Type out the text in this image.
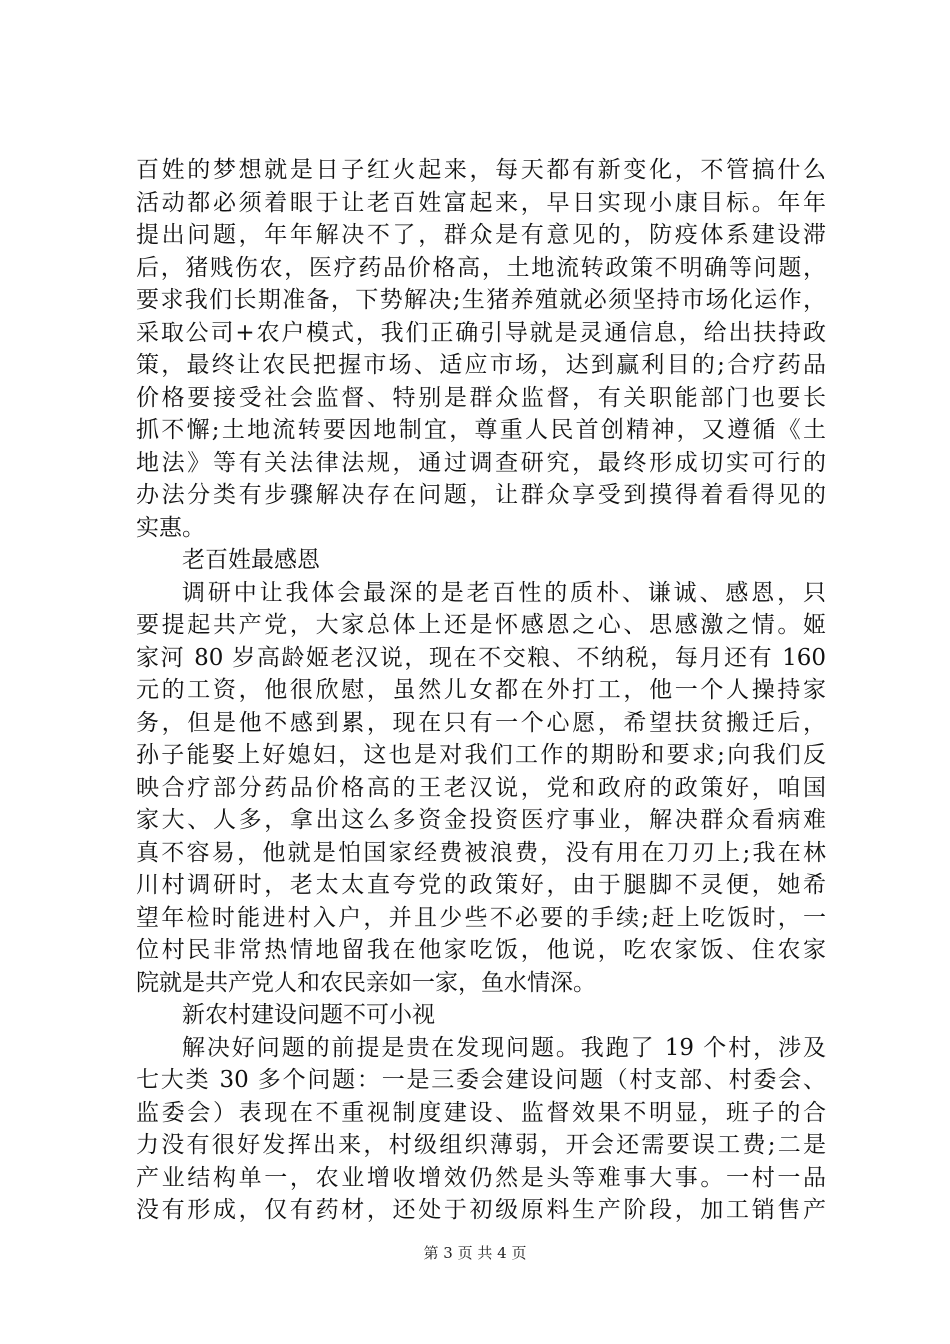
百姓的梦想就是日子红火起来，每天都有新变化，不管搞什么
活动都必须着眼于让老百姓富起来，早日实现小康目标。年年
提出问题，年年解决不了，群众是有意见的，防疫体系建设滞
后，猪贱伤农，医疗药品价格高，土地流转政策不明确等问题，
要求我们长期准备，下势解决;生猪养殖就必须坚持市场化运作，
采取公司+农户模式，我们正确引导就是灵通信息，给出扶持政
策，最终让农民把握市场、适应市场，达到赢利目的;合疗药品
价格要接受社会监督、特别是群众监督，有关职能部门也要长
抓不懈;土地流转要因地制宜，尊重人民首创精神，又遵循《土
地法》等有关法律法规，通过调查研究，最终形成切实可行的
办法分类有步骤解决存在问题，让群众享受到摸得着看得见的
实惠。
老百姓最感恩
调研中让我体会最深的是老百性的质朴、谦诚、感恩，只
要提起共产党，大家总体上还是怀感恩之心、思感激之情。姬
家河 80 岁高龄姬老汉说，现在不交粮、不纳税，每月还有 160
元的工资，他很欣慰，虽然儿女都在外打工，他一个人操持家
务，但是他不感到累，现在只有一个心愿，希望扶贫搬迁后，
孙子能娶上好媳妇，这也是对我们工作的期盼和要求;向我们反
映合疗部分药品价格高的王老汉说，党和政府的政策好，咱国
家大、人多，拿出这么多资金投资医疗事业，解决群众看病难
真不容易，他就是怕国家经费被浪费，没有用在刀刃上;我在林
川村调研时，老太太直夸党的政策好，由于腿脚不灵便，她希
望年检时能进村入户，并且少些不必要的手续;赶上吃饭时，一
位村民非常热情地留我在他家吃饭，他说，吃农家饭、住农家
院就是共产党人和农民亲如一家，鱼水情深。
新农村建设问题不可小视
解决好问题的前提是贵在发现问题。我跑了 19 个村，涉及
七大类 30 多个问题：一是三委会建设问题（村支部、村委会、
监委会）表现在不重视制度建设、监督效果不明显，班子的合
力没有很好发挥出来，村级组织薄弱，开会还需要误工费;二是
产业结构单一，农业增收增效仍然是头等难事大事。一村一品
没有形成，仅有药材，还处于初级原料生产阶段，加工销售产
第 3 页 共 4 页
